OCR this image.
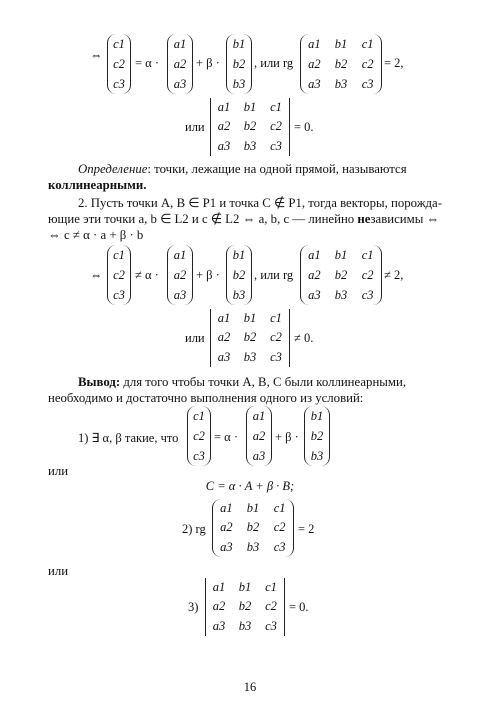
⇔
c1
c2
c3
= α ·
a1
a2
a3
+ β ·
b1
b2
b3
, или rg
a1 b1 c1
a2 b2 c2
a3 b3 c3
= 2,
или
a1 b1 c1
a2 b2 c2
a3 b3 c3
= 0.
Определение: точки, лежащие на одной прямой, называются
коллинеарными.
2. Пусть точки A, B ∈ P1 и точка C ∉ P1, тогда векторы, порожда-
ющие эти точки a, b ∈ L2 и c ∉ L2 ⇔ a, b, c — линейно независимы ⇔
⇔ c ≠ α · a + β · b
⇔
c1
c2
c3
≠ α ·
a1
a2
a3
+ β ·
b1
b2
b3
, или rg
a1 b1 c1
a2 b2 c2
a3 b3 c3
≠ 2,
или
a1 b1 c1
a2 b2 c2
a3 b3 c3
≠ 0.
Вывод: для того чтобы точки A, B, C были коллинеарными,
необходимо и достаточно выполнения одного из условий:
1) ∃ α, β такие, что
c1
c2
c3
= α ·
a1
a2
a3
+ β ·
b1
b2
b3
или
C = α · A + β · B;
2) rg
a1 b1 c1
a2 b2 c2
a3 b3 c3
= 2
или
3)
a1 b1 c1
a2 b2 c2
a3 b3 c3
= 0.
16
